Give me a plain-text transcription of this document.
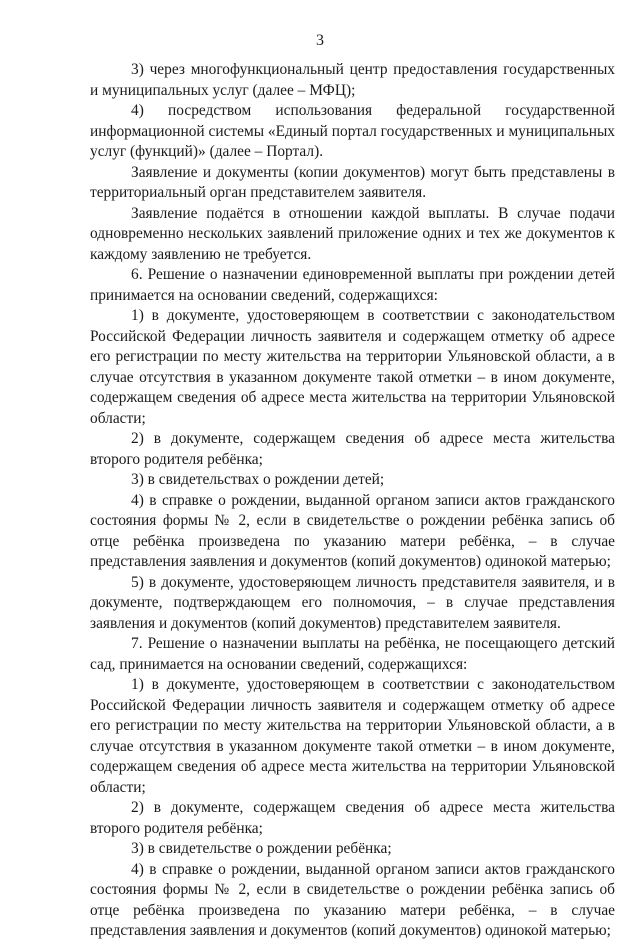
3

3) через многофункциональный центр предоставления государственных и муниципальных услуг (далее – МФЦ);

4) посредством использования федеральной государственной информационной системы «Единый портал государственных и муниципальных услуг (функций)» (далее – Портал).

Заявление и документы (копии документов) могут быть представлены в территориальный орган представителем заявителя.

Заявление подаётся в отношении каждой выплаты. В случае подачи одновременно нескольких заявлений приложение одних и тех же документов к каждому заявлению не требуется.

6. Решение о назначении единовременной выплаты при рождении детей принимается на основании сведений, содержащихся:

1) в документе, удостоверяющем в соответствии с законодательством Российской Федерации личность заявителя и содержащем отметку об адресе его регистрации по месту жительства на территории Ульяновской области, а в случае отсутствия в указанном документе такой отметки – в ином документе, содержащем сведения об адресе места жительства на территории Ульяновской области;

2) в документе, содержащем сведения об адресе места жительства второго родителя ребёнка;

3) в свидетельствах о рождении детей;

4) в справке о рождении, выданной органом записи актов гражданского состояния формы № 2, если в свидетельстве о рождении ребёнка запись об отце ребёнка произведена по указанию матери ребёнка, – в случае представления заявления и документов (копий документов) одинокой матерью;

5) в документе, удостоверяющем личность представителя заявителя, и в документе, подтверждающем его полномочия, – в случае представления заявления и документов (копий документов) представителем заявителя.

7. Решение о назначении выплаты на ребёнка, не посещающего детский сад, принимается на основании сведений, содержащихся:

1) в документе, удостоверяющем в соответствии с законодательством Российской Федерации личность заявителя и содержащем отметку об адресе его регистрации по месту жительства на территории Ульяновской области, а в случае отсутствия в указанном документе такой отметки – в ином документе, содержащем сведения об адресе места жительства на территории Ульяновской области;

2) в документе, содержащем сведения об адресе места жительства второго родителя ребёнка;

3) в свидетельстве о рождении ребёнка;

4) в справке о рождении, выданной органом записи актов гражданского состояния формы № 2, если в свидетельстве о рождении ребёнка запись об отце ребёнка произведена по указанию матери ребёнка, – в случае представления заявления и документов (копий документов) одинокой матерью;
